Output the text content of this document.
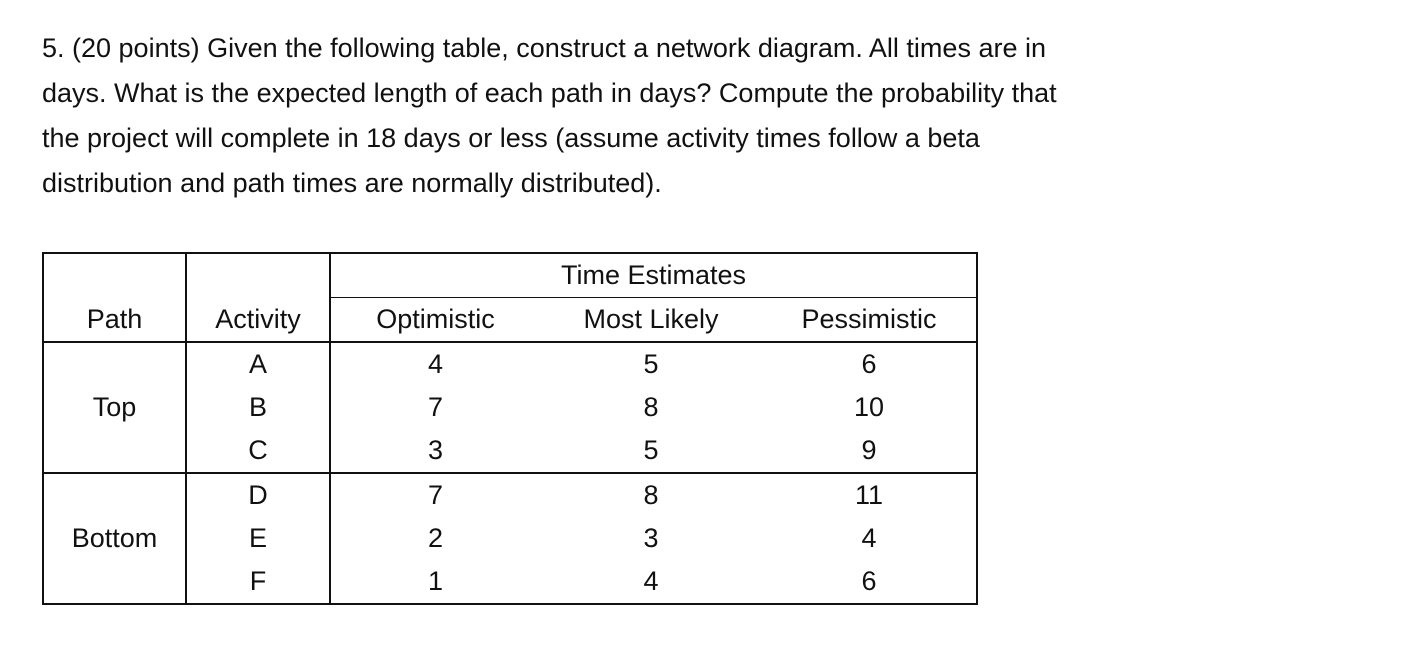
5. (20 points) Given the following table, construct a network diagram. All times are in
days. What is the expected length of each path in days? Compute the probability that
the project will complete in 18 days or less (assume activity times follow a beta
distribution and path times are normally distributed).
Path	Activity	Time Estimates		
		Optimistic	Most Likely	Pessimistic
Top	A	4	5	6
	B	7	8	10
	C	3	5	9
Bottom	D	7	8	11
	E	2	3	4
	F	1	4	6
